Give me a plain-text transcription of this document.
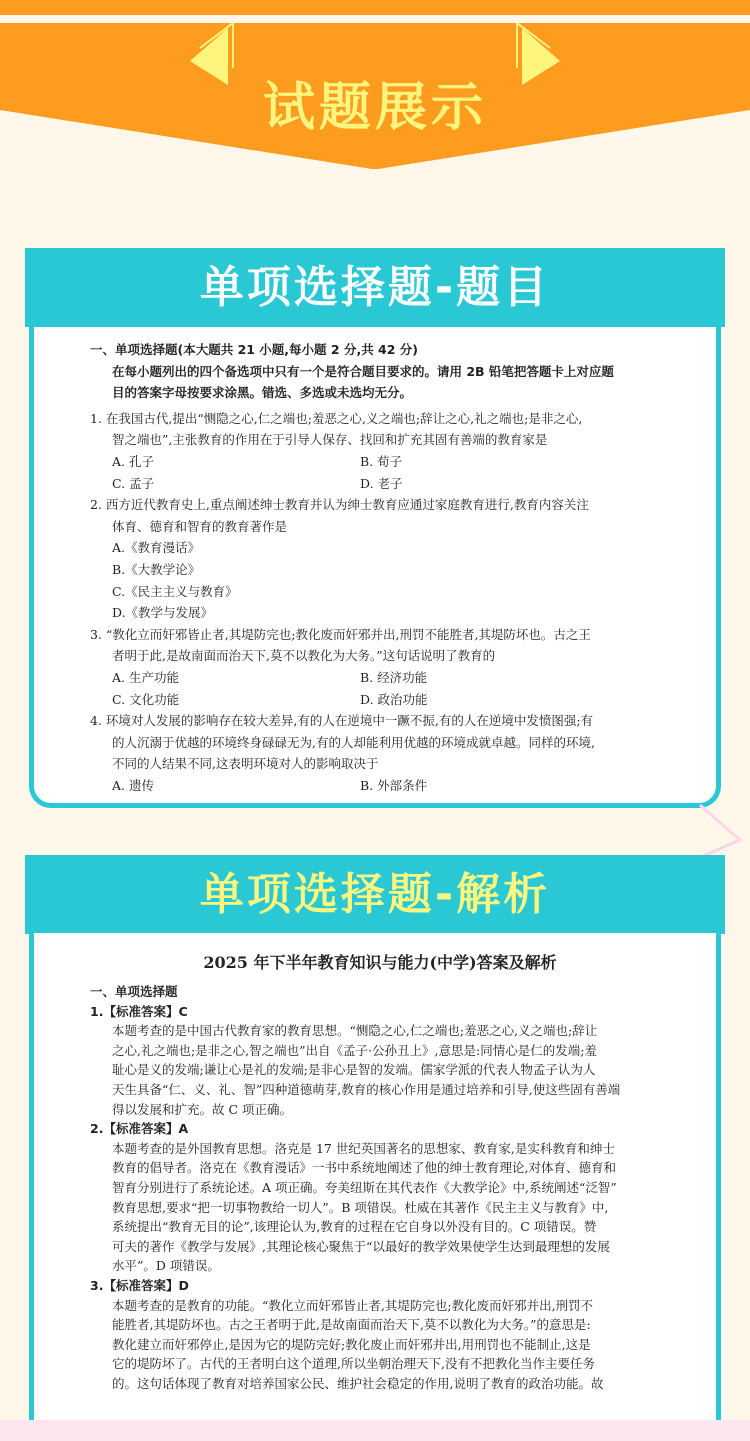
试题展示
单项选择题-题目

一、单项选择题(本大题共 21 小题,每小题 2 分,共 42 分)

在每小题列出的四个备选项中只有一个是符合题目要求的。请用 2B 铅笔把答题卡上对应题

目的答案字母按要求涂黑。错选、多选或未选均无分。

1. 在我国古代,提出“恻隐之心,仁之端也;羞恶之心,义之端也;辞让之心,礼之端也;是非之心,

智之端也”,主张教育的作用在于引导人保存、找回和扩充其固有善端的教育家是

A. 孔子	B. 荀子
C. 孟子	D. 老子

2. 西方近代教育史上,重点阐述绅士教育并认为绅士教育应通过家庭教育进行,教育内容关注

体育、德育和智育的教育著作是

A.《教育漫话》

B.《大教学论》

C.《民主主义与教育》

D.《教学与发展》

3. “教化立而奸邪皆止者,其堤防完也;教化废而奸邪并出,刑罚不能胜者,其堤防坏也。古之王

者明于此,是故南面而治天下,莫不以教化为大务。”这句话说明了教育的

A. 生产功能	B. 经济功能
C. 文化功能	D. 政治功能

4. 环境对人发展的影响存在较大差异,有的人在逆境中一蹶不振,有的人在逆境中发愤图强;有

的人沉溺于优越的环境终身碌碌无为,有的人却能利用优越的环境成就卓越。同样的环境,

不同的人结果不同,这表明环境对人的影响取决于

A. 遗传	B. 外部条件
单项选择题-解析

2025 年下半年教育知识与能力(中学)答案及解析

一、单项选择题

1.【标准答案】C

本题考查的是中国古代教育家的教育思想。“恻隐之心,仁之端也;羞恶之心,义之端也;辞让

之心,礼之端也;是非之心,智之端也”出自《孟子·公孙丑上》,意思是:同情心是仁的发端;羞

耻心是义的发端;谦让心是礼的发端;是非心是智的发端。儒家学派的代表人物孟子认为人

天生具备“仁、义、礼、智”四种道德萌芽,教育的核心作用是通过培养和引导,使这些固有善端

得以发展和扩充。故 C 项正确。

2.【标准答案】A

本题考查的是外国教育思想。洛克是 17 世纪英国著名的思想家、教育家,是实科教育和绅士

教育的倡导者。洛克在《教育漫话》一书中系统地阐述了他的绅士教育理论,对体育、德育和

智育分别进行了系统论述。A 项正确。夸美纽斯在其代表作《大教学论》中,系统阐述“泛智”

教育思想,要求“把一切事物教给一切人”。B 项错误。杜威在其著作《民主主义与教育》中,

系统提出“教育无目的论”,该理论认为,教育的过程在它自身以外没有目的。C 项错误。赞

可夫的著作《教学与发展》,其理论核心聚焦于“以最好的教学效果使学生达到最理想的发展

水平”。D 项错误。

3.【标准答案】D

本题考查的是教育的功能。“教化立而奸邪皆止者,其堤防完也;教化废而奸邪并出,刑罚不

能胜者,其堤防坏也。古之王者明于此,是故南面而治天下,莫不以教化为大务。”的意思是:

教化建立而奸邪停止,是因为它的堤防完好;教化废止而奸邪并出,用刑罚也不能制止,这是

它的堤防坏了。古代的王者明白这个道理,所以坐朝治理天下,没有不把教化当作主要任务

的。这句话体现了教育对培养国家公民、维护社会稳定的作用,说明了教育的政治功能。故
